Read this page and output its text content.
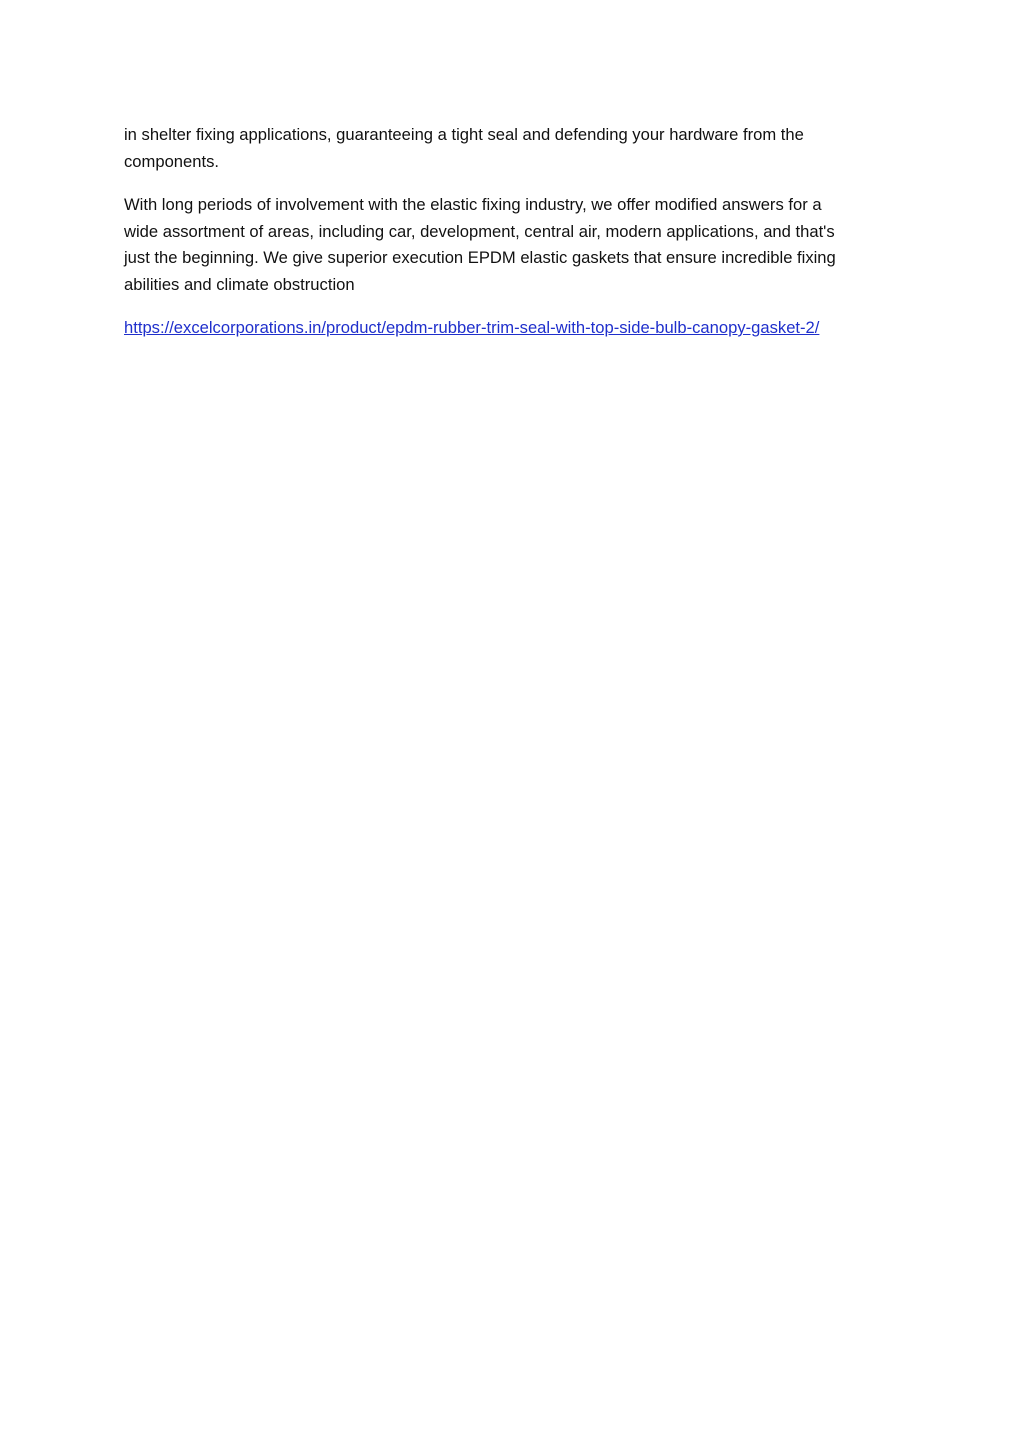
in shelter fixing applications, guaranteeing a tight seal and defending your hardware from the
components.

With long periods of involvement with the elastic fixing industry, we offer modified answers for a
wide assortment of areas, including car, development, central air, modern applications, and that's
just the beginning. We give superior execution EPDM elastic gaskets that ensure incredible fixing
abilities and climate obstruction

https://excelcorporations.in/product/epdm-rubber-trim-seal-with-top-side-bulb-canopy-gasket-2/
